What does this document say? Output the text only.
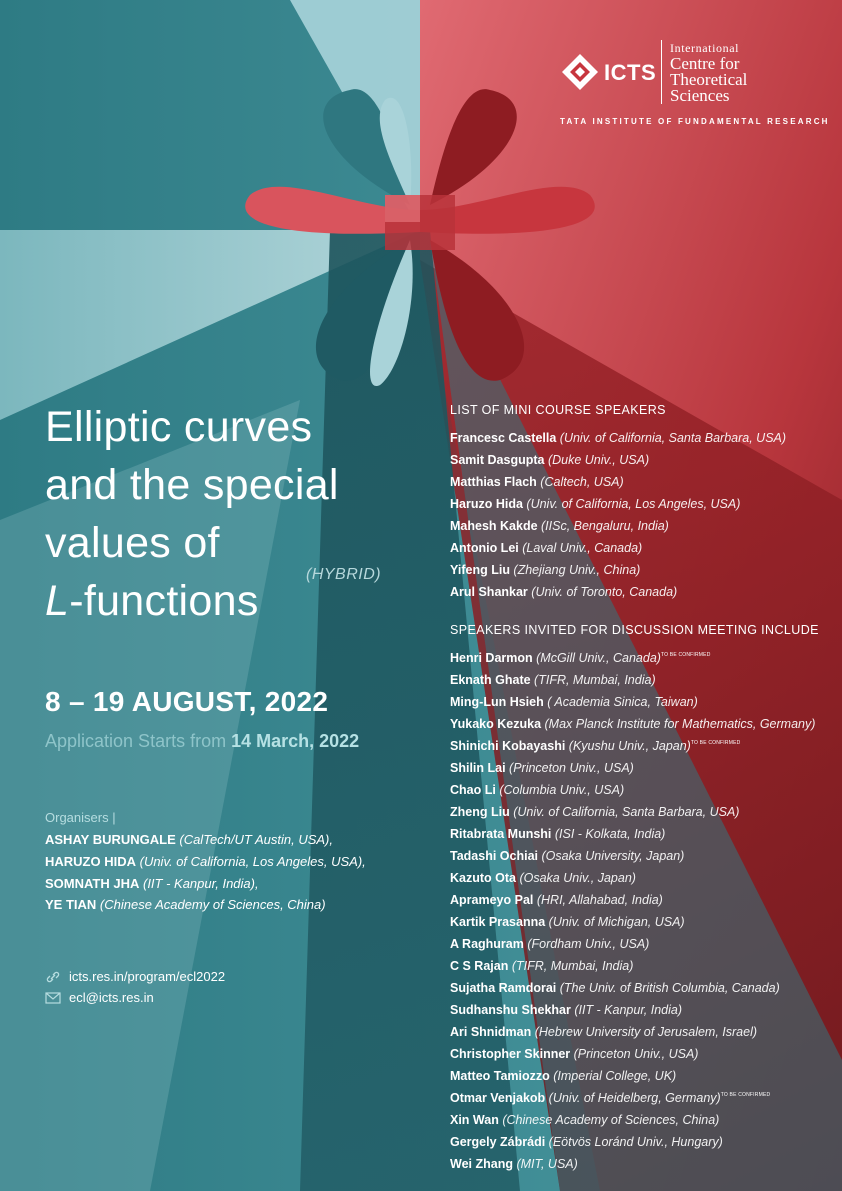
ICTS
International
Centre for
Theoretical
Sciences
TATA INSTITUTE OF FUNDAMENTAL RESEARCH
Elliptic curves
and the special
values of
L-functions
(HYBRID)
8 – 19 AUGUST, 2022
Application Starts from 14 March, 2022
Organisers |
ASHAY BURUNGALE (CalTech/UT Austin, USA),
HARUZO HIDA (Univ. of California, Los Angeles, USA),
SOMNATH JHA (IIT - Kanpur, India),
YE TIAN (Chinese Academy of Sciences, China)
icts.res.in/program/ecl2022
ecl@icts.res.in
LIST OF MINI COURSE SPEAKERS
Francesc Castella (Univ. of California, Santa Barbara, USA)
Samit Dasgupta (Duke Univ., USA)
Matthias Flach (Caltech, USA)
Haruzo Hida (Univ. of California, Los Angeles, USA)
Mahesh Kakde (IISc, Bengaluru, India)
Antonio Lei (Laval Univ., Canada)
Yifeng Liu (Zhejiang Univ., China)
Arul Shankar (Univ. of Toronto, Canada)
SPEAKERS INVITED FOR DISCUSSION MEETING INCLUDE
Henri Darmon (McGill Univ., Canada)$^{TO BE CONFIRMED}$
Eknath Ghate (TIFR, Mumbai, India)
Ming-Lun Hsieh ( Academia Sinica, Taiwan)
Yukako Kezuka (Max Planck Institute for Mathematics, Germany)
Shinichi Kobayashi (Kyushu Univ., Japan)$^{TO BE CONFIRMED}$
Shilin Lai (Princeton Univ., USA)
Chao Li (Columbia Univ., USA)
Zheng Liu (Univ. of California, Santa Barbara, USA)
Ritabrata Munshi (ISI - Kolkata, India)
Tadashi Ochiai (Osaka University, Japan)
Kazuto Ota (Osaka Univ., Japan)
Aprameyo Pal (HRI, Allahabad, India)
Kartik Prasanna (Univ. of Michigan, USA)
A Raghuram (Fordham Univ., USA)
C S Rajan (TIFR, Mumbai, India)
Sujatha Ramdorai (The Univ. of British Columbia, Canada)
Sudhanshu Shekhar (IIT - Kanpur, India)
Ari Shnidman (Hebrew University of Jerusalem, Israel)
Christopher Skinner (Princeton Univ., USA)
Matteo Tamiozzo (Imperial College, UK)
Otmar Venjakob (Univ. of Heidelberg, Germany)$^{TO BE CONFIRMED}$
Xin Wan (Chinese Academy of Sciences, China)
Gergely Zábrádi (Eötvös Loránd Univ., Hungary)
Wei Zhang (MIT, USA)
